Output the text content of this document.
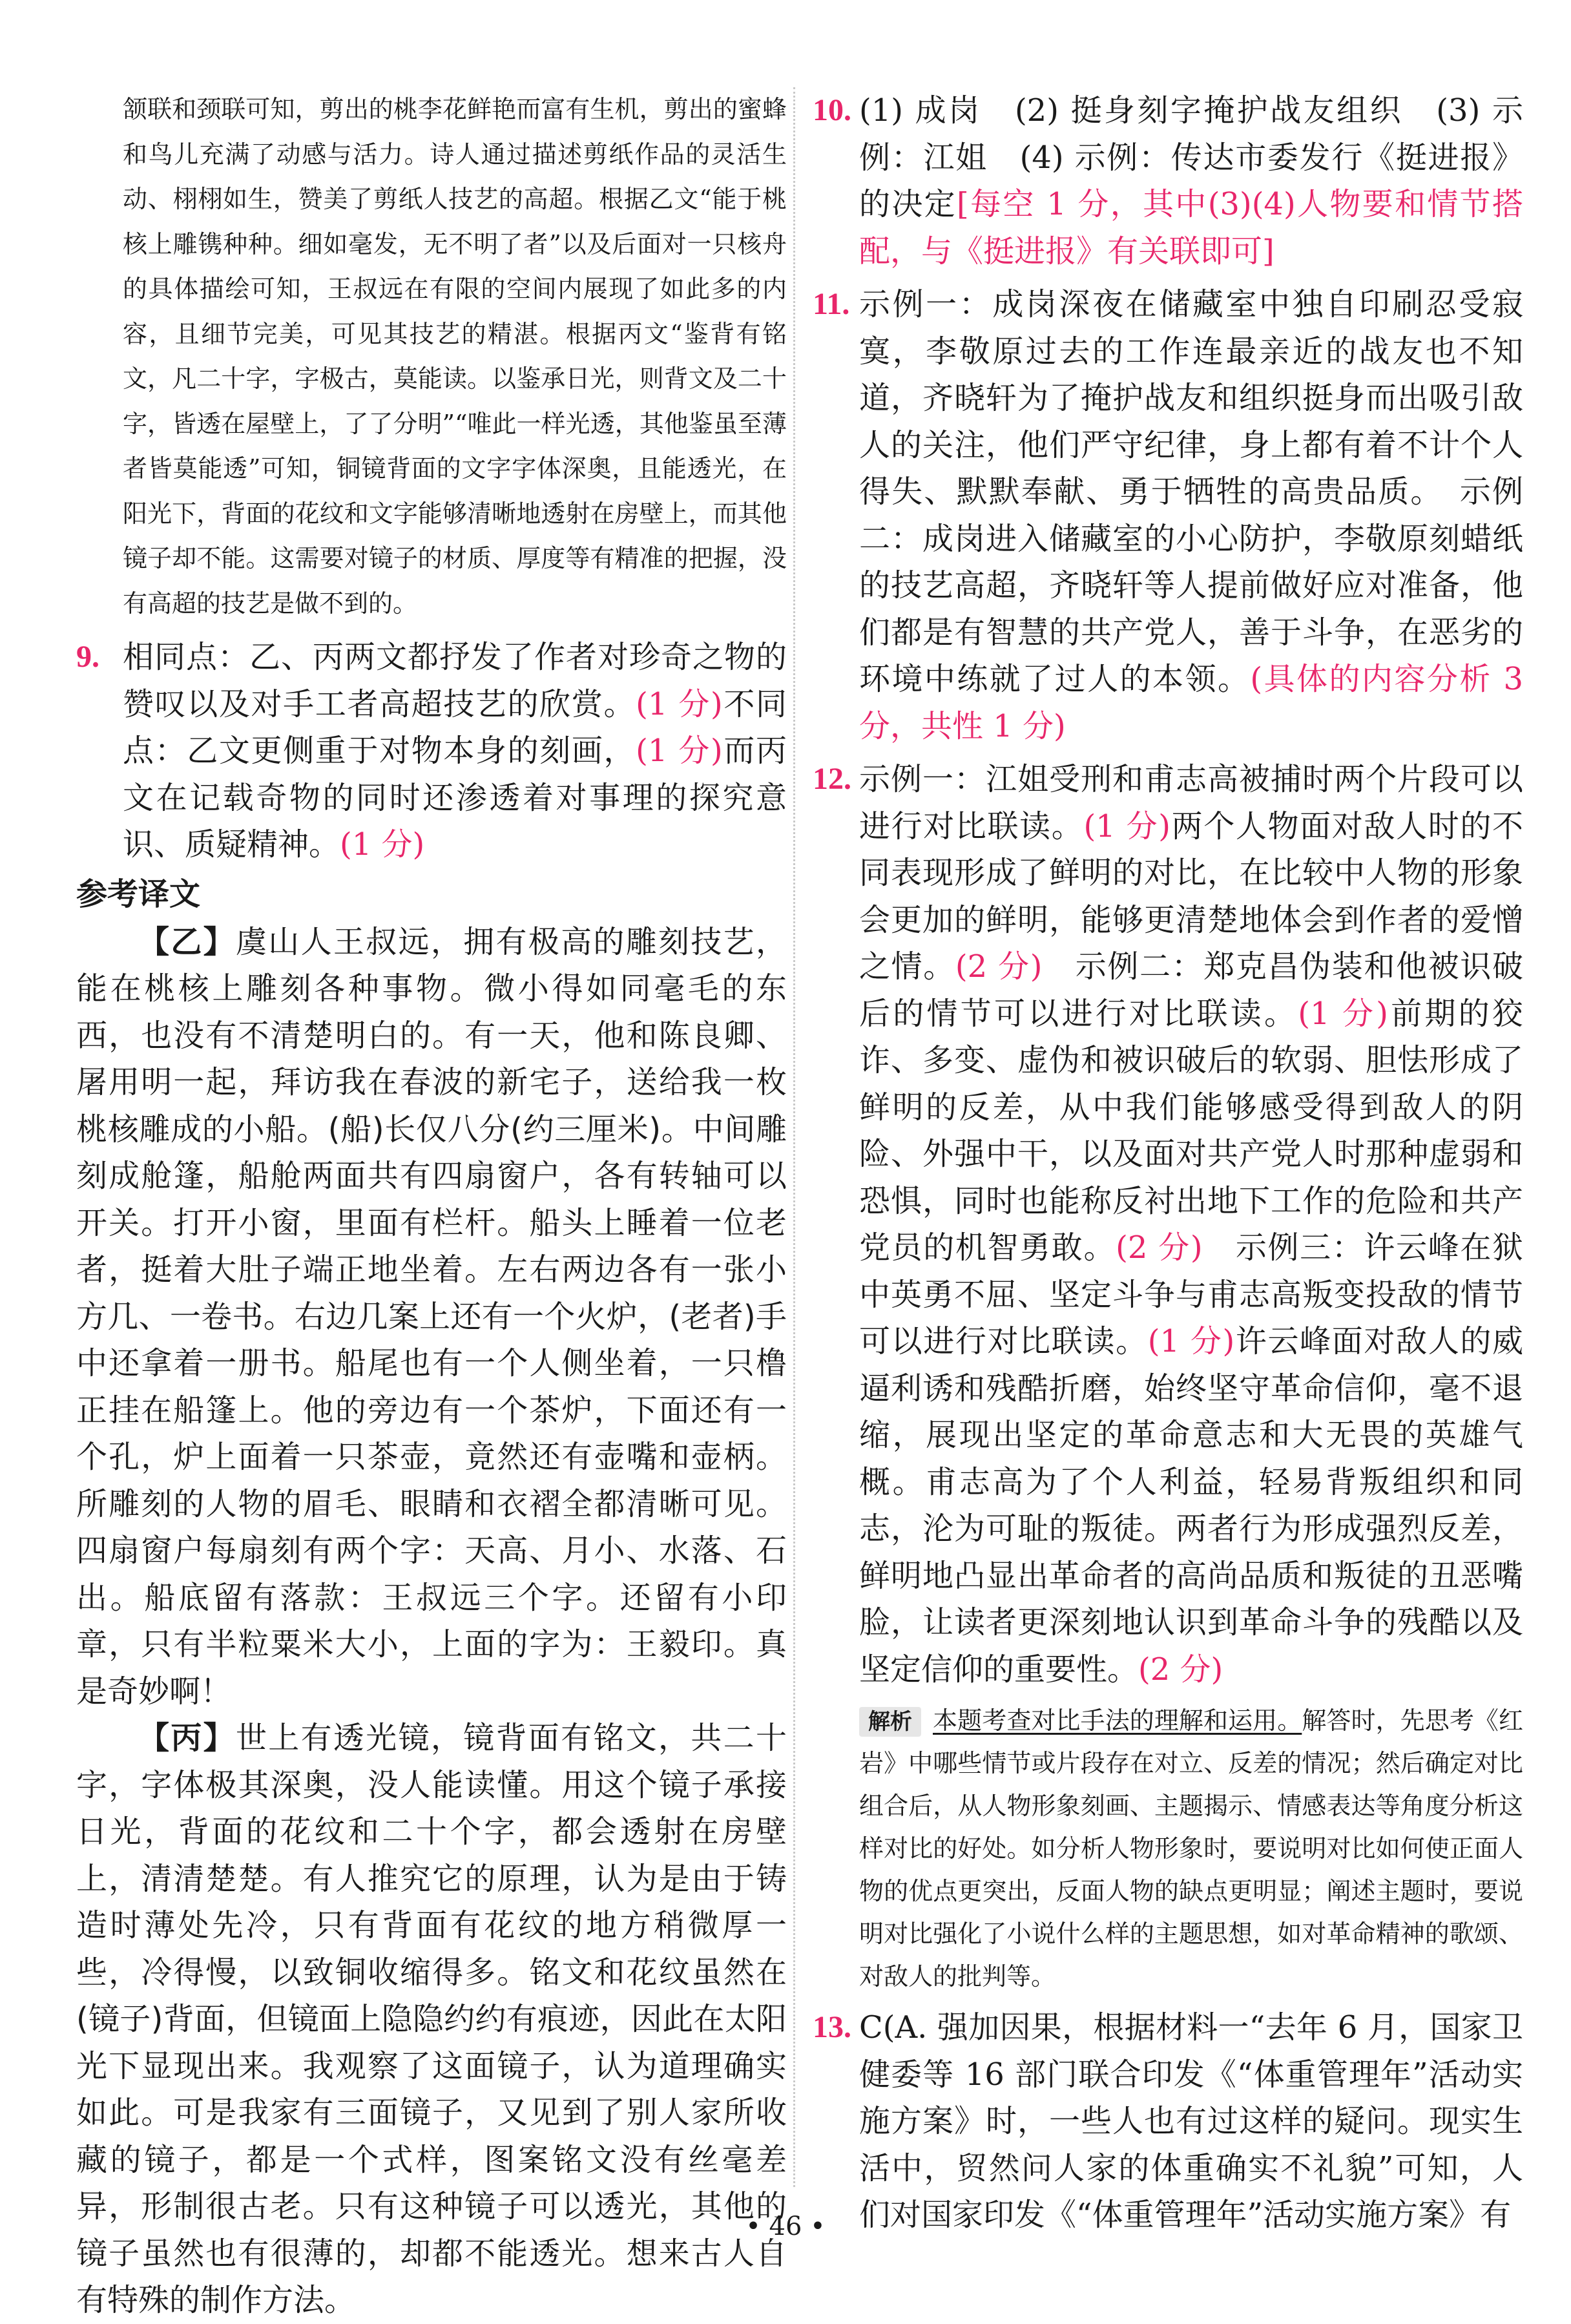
颔联和颈联可知，剪出的桃李花鲜艳而富有生机，剪出的蜜蜂和鸟儿充满了动感与活力。诗人通过描述剪纸作品的灵活生动、栩栩如生，赞美了剪纸人技艺的高超。根据乙文“能于桃核上雕镌种种。细如毫发，无不明了者”以及后面对一只核舟的具体描绘可知，王叔远在有限的空间内展现了如此多的内容，且细节完美，可见其技艺的精湛。根据丙文“鉴背有铭文，凡二十字，字极古，莫能读。以鉴承日光，则背文及二十字，皆透在屋壁上，了了分明”“唯此一样光透，其他鉴虽至薄者皆莫能透”可知，铜镜背面的文字字体深奥，且能透光，在阳光下，背面的花纹和文字能够清晰地透射在房壁上，而其他镜子却不能。这需要对镜子的材质、厚度等有精准的把握，没有高超的技艺是做不到的。

9. 相同点：乙、丙两文都抒发了作者对珍奇之物的赞叹以及对手工者高超技艺的欣赏。(1 分)不同点：乙文更侧重于对物本身的刻画，(1 分)而丙文在记载奇物的同时还渗透着对事理的探究意识、质疑精神。(1 分)

参考译文

【乙】虞山人王叔远，拥有极高的雕刻技艺，能在桃核上雕刻各种事物。微小得如同毫毛的东西，也没有不清楚明白的。有一天，他和陈良卿、屠用明一起，拜访我在春波的新宅子，送给我一枚桃核雕成的小船。(船)长仅八分(约三厘米)。中间雕刻成舱篷，船舱两面共有四扇窗户，各有转轴可以开关。打开小窗，里面有栏杆。船头上睡着一位老者，挺着大肚子端正地坐着。左右两边各有一张小方几、一卷书。右边几案上还有一个火炉，(老者)手中还拿着一册书。船尾也有一个人侧坐着，一只橹正挂在船篷上。他的旁边有一个茶炉，下面还有一个孔，炉上面着一只茶壶，竟然还有壶嘴和壶柄。所雕刻的人物的眉毛、眼睛和衣褶全都清晰可见。四扇窗户每扇刻有两个字：天高、月小、水落、石出。船底留有落款：王叔远三个字。还留有小印章，只有半粒粟米大小，上面的字为：王毅印。真是奇妙啊！

【丙】世上有透光镜，镜背面有铭文，共二十字，字体极其深奥，没人能读懂。用这个镜子承接日光，背面的花纹和二十个字，都会透射在房壁上，清清楚楚。有人推究它的原理，认为是由于铸造时薄处先冷，只有背面有花纹的地方稍微厚一些，冷得慢，以致铜收缩得多。铭文和花纹虽然在(镜子)背面，但镜面上隐隐约约有痕迹，因此在太阳光下显现出来。我观察了这面镜子，认为道理确实如此。可是我家有三面镜子，又见到了别人家所收藏的镜子，都是一个式样，图案铭文没有丝毫差异，形制很古老。只有这种镜子可以透光，其他的镜子虽然也有很薄的，却都不能透光。想来古人自有特殊的制作方法。

10. (1) 成岗　(2) 挺身刻字掩护战友组织　(3) 示例：江姐　(4) 示例：传达市委发行《挺进报》的决定[每空 1 分，其中(3)(4)人物要和情节搭配，与《挺进报》有关联即可]
11. 示例一：成岗深夜在储藏室中独自印刷忍受寂寞，李敬原过去的工作连最亲近的战友也不知道，齐晓轩为了掩护战友和组织挺身而出吸引敌人的关注，他们严守纪律，身上都有着不计个人得失、默默奉献、勇于牺牲的高贵品质。　示例二：成岗进入储藏室的小心防护，李敬原刻蜡纸的技艺高超，齐晓轩等人提前做好应对准备，他们都是有智慧的共产党人，善于斗争，在恶劣的环境中练就了过人的本领。(具体的内容分析 3 分，共性 1 分)
12. 示例一：江姐受刑和甫志高被捕时两个片段可以进行对比联读。(1 分)两个人物面对敌人时的不同表现形成了鲜明的对比，在比较中人物的形象会更加的鲜明，能够更清楚地体会到作者的爱憎之情。(2 分)　示例二：郑克昌伪装和他被识破后的情节可以进行对比联读。(1 分)前期的狡诈、多变、虚伪和被识破后的软弱、胆怯形成了鲜明的反差，从中我们能够感受得到敌人的阴险、外强中干，以及面对共产党人时那种虚弱和恐惧，同时也能称反衬出地下工作的危险和共产党员的机智勇敢。(2 分)　示例三：许云峰在狱中英勇不屈、坚定斗争与甫志高叛变投敌的情节可以进行对比联读。(1 分)许云峰面对敌人的威逼利诱和残酷折磨，始终坚守革命信仰，毫不退缩，展现出坚定的革命意志和大无畏的英雄气概。甫志高为了个人利益，轻易背叛组织和同志，沦为可耻的叛徒。两者行为形成强烈反差，鲜明地凸显出革命者的高尚品质和叛徒的丑恶嘴脸，让读者更深刻地认识到革命斗争的残酷以及坚定信仰的重要性。(2 分)
解析 本题考查对比手法的理解和运用。解答时，先思考《红岩》中哪些情节或片段存在对立、反差的情况；然后确定对比组合后，从人物形象刻画、主题揭示、情感表达等角度分析这样对比的好处。如分析人物形象时，要说明对比如何使正面人物的优点更突出，反面人物的缺点更明显；阐述主题时，要说明对比强化了小说什么样的主题思想，如对革命精神的歌颂、对敌人的批判等。
13. C(A. 强加因果，根据材料一“去年 6 月，国家卫健委等 16 部门联合印发《“体重管理年”活动实施方案》时，一些人也有过这样的疑问。现实生活中，贸然问人家的体重确实不礼貌”可知，人们对国家印发《“体重管理年”活动实施方案》有
• 46 •
